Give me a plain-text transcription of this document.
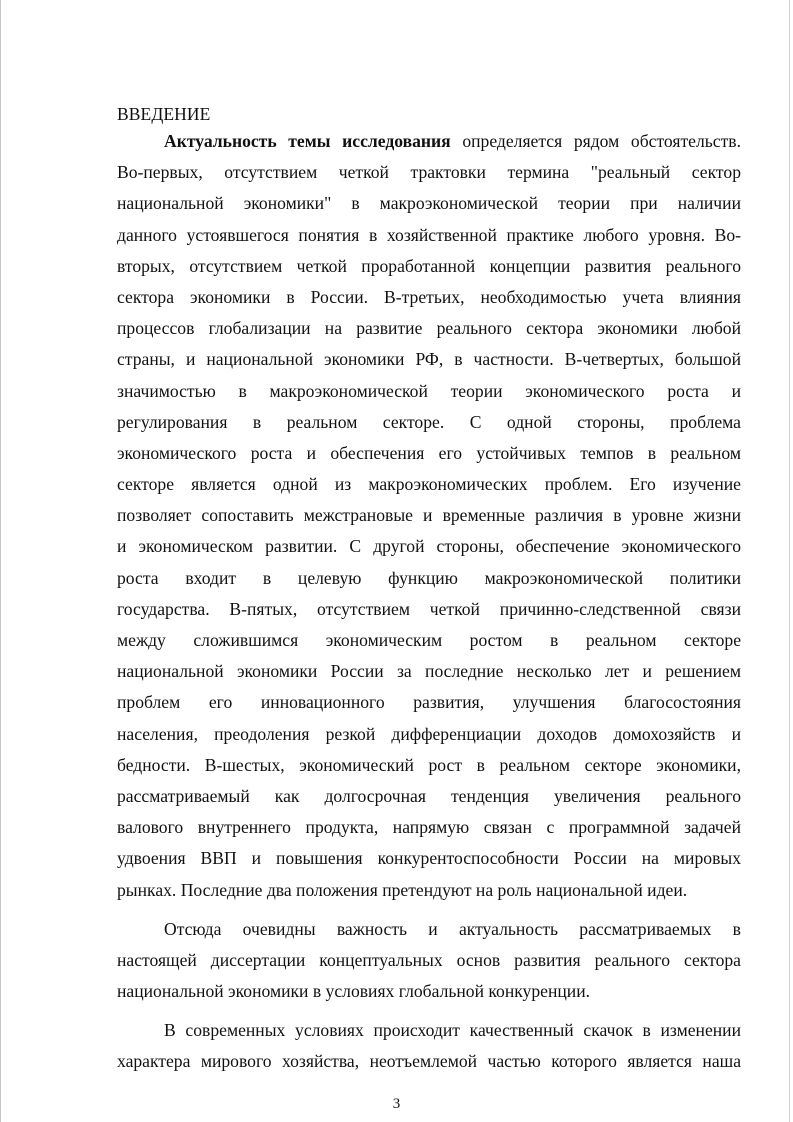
ВВЕДЕНИЕ
Актуальность темы исследования определяется рядом обстоятельств.
Во-первых, отсутствием четкой трактовки термина "реальный сектор
национальной экономики" в макроэкономической теории при наличии
данного устоявшегося понятия в хозяйственной практике любого уровня. Во-
вторых, отсутствием четкой проработанной концепции развития реального
сектора экономики в России. В-третьих, необходимостью учета влияния
процессов глобализации на развитие реального сектора экономики любой
страны, и национальной экономики РФ, в частности. В-четвертых, большой
значимостью в макроэкономической теории экономического роста и
регулирования в реальном секторе. С одной стороны, проблема
экономического роста и обеспечения его устойчивых темпов в реальном
секторе является одной из макроэкономических проблем. Его изучение
позволяет сопоставить межстрановые и временные различия в уровне жизни
и экономическом развитии. С другой стороны, обеспечение экономического
роста входит в целевую функцию макроэкономической политики
государства. В-пятых, отсутствием четкой причинно-следственной связи
между сложившимся экономическим ростом в реальном секторе
национальной экономики России за последние несколько лет и решением
проблем его инновационного развития, улучшения благосостояния
населения, преодоления резкой дифференциации доходов домохозяйств и
бедности. В-шестых, экономический рост в реальном секторе экономики,
рассматриваемый как долгосрочная тенденция увеличения реального
валового внутреннего продукта, напрямую связан с программной задачей
удвоения ВВП и повышения конкурентоспособности России на мировых
рынках. Последние два положения претендуют на роль национальной идеи.
Отсюда очевидны важность и актуальность рассматриваемых в
настоящей диссертации концептуальных основ развития реального сектора
национальной экономики в условиях глобальной конкуренции.
В современных условиях происходит качественный скачок в изменении
характера мирового хозяйства, неотъемлемой частью которого является наша
3
